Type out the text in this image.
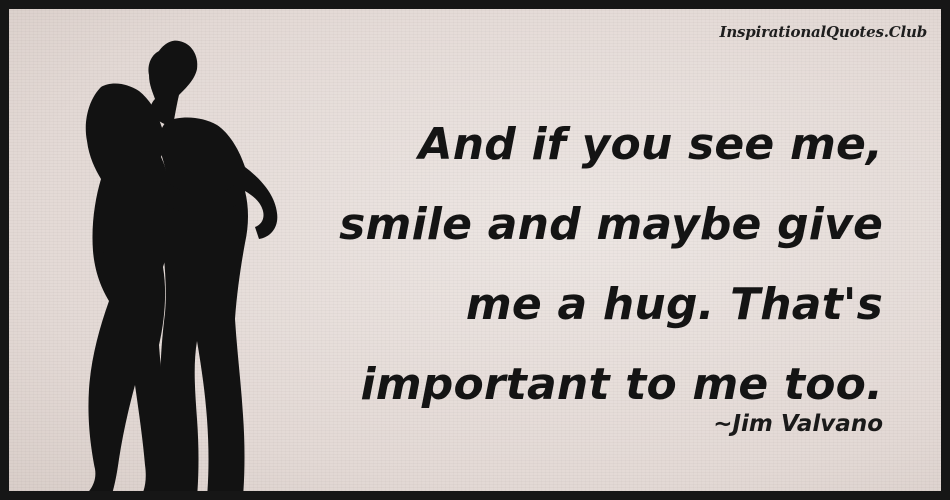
InspirationalQuotes.Club

And if you see me, smile and maybe give me a hug. That's important to me too.

~Jim Valvano
